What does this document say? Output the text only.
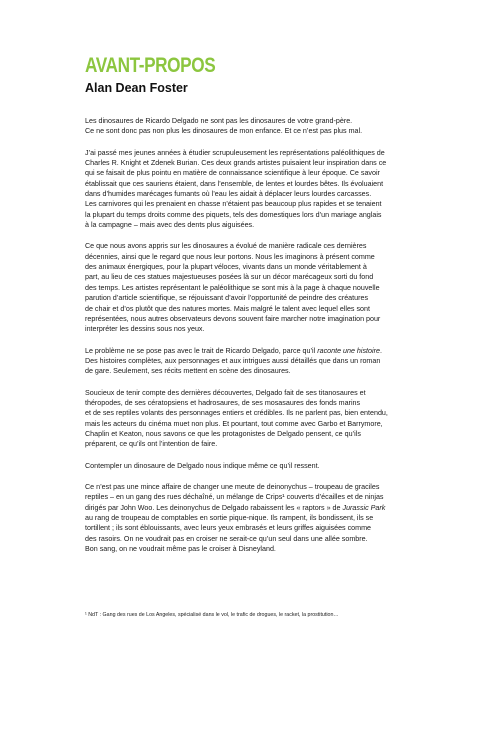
AVANT-PROPOS
Alan Dean Foster

Les dinosaures de Ricardo Delgado ne sont pas les dinosaures de votre grand-père.
Ce ne sont donc pas non plus les dinosaures de mon enfance. Et ce n’est pas plus mal.

J’ai passé mes jeunes années à étudier scrupuleusement les représentations paléolithiques de
Charles R. Knight et Zdenek Burian. Ces deux grands artistes puisaient leur inspiration dans ce
qui se faisait de plus pointu en matière de connaissance scientifique à leur époque. Ce savoir
établissait que ces sauriens étaient, dans l’ensemble, de lentes et lourdes bêtes. Ils évoluaient
dans d’humides marécages fumants où l’eau les aidait à déplacer leurs lourdes carcasses.
Les carnivores qui les prenaient en chasse n’étaient pas beaucoup plus rapides et se tenaient
la plupart du temps droits comme des piquets, tels des domestiques lors d’un mariage anglais
à la campagne – mais avec des dents plus aiguisées.

Ce que nous avons appris sur les dinosaures a évolué de manière radicale ces dernières
décennies, ainsi que le regard que nous leur portons. Nous les imaginons à présent comme
des animaux énergiques, pour la plupart véloces, vivants dans un monde véritablement à
part, au lieu de ces statues majestueuses posées là sur un décor marécageux sorti du fond
des temps. Les artistes représentant le paléolithique se sont mis à la page à chaque nouvelle
parution d’article scientifique, se réjouissant d’avoir l’opportunité de peindre des créatures
de chair et d’os plutôt que des natures mortes. Mais malgré le talent avec lequel elles sont
représentées, nous autres observateurs devons souvent faire marcher notre imagination pour
interpréter les dessins sous nos yeux.

Le problème ne se pose pas avec le trait de Ricardo Delgado, parce qu’il raconte une histoire.
Des histoires complètes, aux personnages et aux intrigues aussi détaillés que dans un roman
de gare. Seulement, ses récits mettent en scène des dinosaures.

Soucieux de tenir compte des dernières découvertes, Delgado fait de ses titanosaures et
théropodes, de ses cératopsiens et hadrosaures, de ses mosasaures des fonds marins
et de ses reptiles volants des personnages entiers et crédibles. Ils ne parlent pas, bien entendu,
mais les acteurs du cinéma muet non plus. Et pourtant, tout comme avec Garbo et Barrymore,
Chaplin et Keaton, nous savons ce que les protagonistes de Delgado pensent, ce qu’ils
préparent, ce qu’ils ont l’intention de faire.

Contempler un dinosaure de Delgado nous indique même ce qu’il ressent.

Ce n’est pas une mince affaire de changer une meute de deinonychus – troupeau de graciles
reptiles – en un gang des rues déchaîné, un mélange de Crips¹ couverts d’écailles et de ninjas
dirigés par John Woo. Les deinonychus de Delgado rabaissent les « raptors » de Jurassic Park
au rang de troupeau de comptables en sortie pique-nique. Ils rampent, ils bondissent, ils se
tortillent ; ils sont éblouissants, avec leurs yeux embrasés et leurs griffes aiguisées comme
des rasoirs. On ne voudrait pas en croiser ne serait-ce qu’un seul dans une allée sombre.
Bon sang, on ne voudrait même pas le croiser à Disneyland.

¹ NdT : Gang des rues de Los Angeles, spécialisé dans le vol, le trafic de drogues, le racket, la prostitution…
